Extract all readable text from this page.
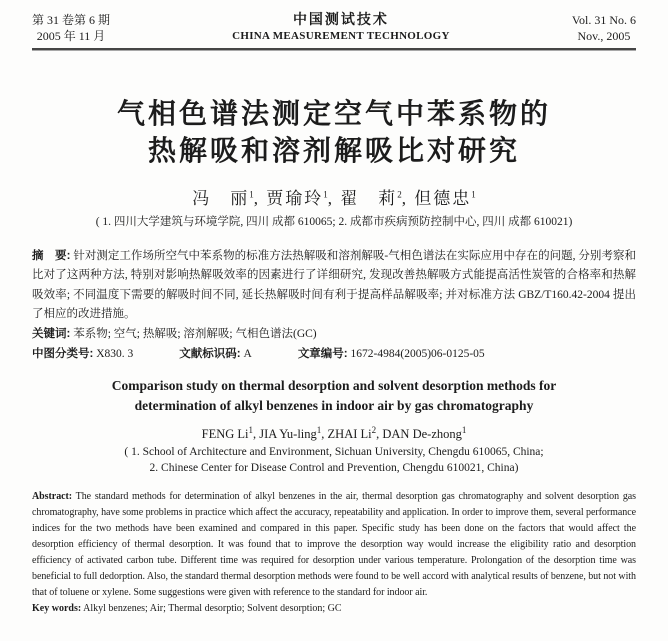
第 31 卷第 6 期
2005 年 11 月
中国测试技术
CHINA MEASUREMENT TECHNOLOGY
Vol. 31 No. 6
Nov., 2005
气相色谱法测定空气中苯系物的
热解吸和溶剂解吸比对研究
冯　丽$^1$, 贾瑜玲$^1$, 翟　莉$^2$, 但德忠$^1$
( 1. 四川大学建筑与环境学院, 四川 成都 610065; 2. 成都市疾病预防控制中心, 四川 成都 610021)

摘　要: 针对测定工作场所空气中苯系物的标准方法热解吸和溶剂解吸-气相色谱法在实际应用中存在的问题, 分别考察和比对了这两种方法, 特别对影响热解吸效率的因素进行了详细研究, 发现改善热解吸方式能提高活性炭管的合格率和热解吸效率; 不同温度下需要的解吸时间不同, 延长热解吸时间有利于提高样品解吸率; 并对标准方法 GBZ/T160.42-2004 提出了相应的改进措施。

关键词: 苯系物; 空气; 热解吸; 溶剂解吸; 气相色谱法(GC)

中图分类号: X830. 3	文献标识码: A	文章编号: 1672-4984(2005)06-0125-05

Comparison study on thermal desorption and solvent desorption methods for
determination of alkyl benzenes in indoor air by gas chromatography
FENG Li$^1$, JIA Yu-ling$^1$, ZHAI Li$^2$, DAN De-zhong$^1$
( 1. School of Architecture and Environment, Sichuan University, Chengdu 610065, China;
2. Chinese Center for Disease Control and Prevention, Chengdu 610021, China)

Abstract: The standard methods for determination of alkyl benzenes in the air, thermal desorption gas chromatography and solvent desorption gas chromatography, have some problems in practice which affect the accuracy, repeatability and application. In order to improve them, several performance indices for the two methods have been examined and compared in this paper. Specific study has been done on the factors that would affect the desorption efficiency of thermal desorption. It was found that to improve the desorption way would increase the eligibility ratio and desorption efficiency of activated carbon tube. Different time was required for desorption under various temperature. Prolongation of the desorption time was beneficial to full dedorption. Also, the standard thermal desorption methods were found to be well accord with analytical results of benzene, but not with that of toluene or xylene. Some suggestions were given with reference to the standard for indoor air.

Key words: Alkyl benzenes; Air; Thermal desorptio; Solvent desorption; GC
